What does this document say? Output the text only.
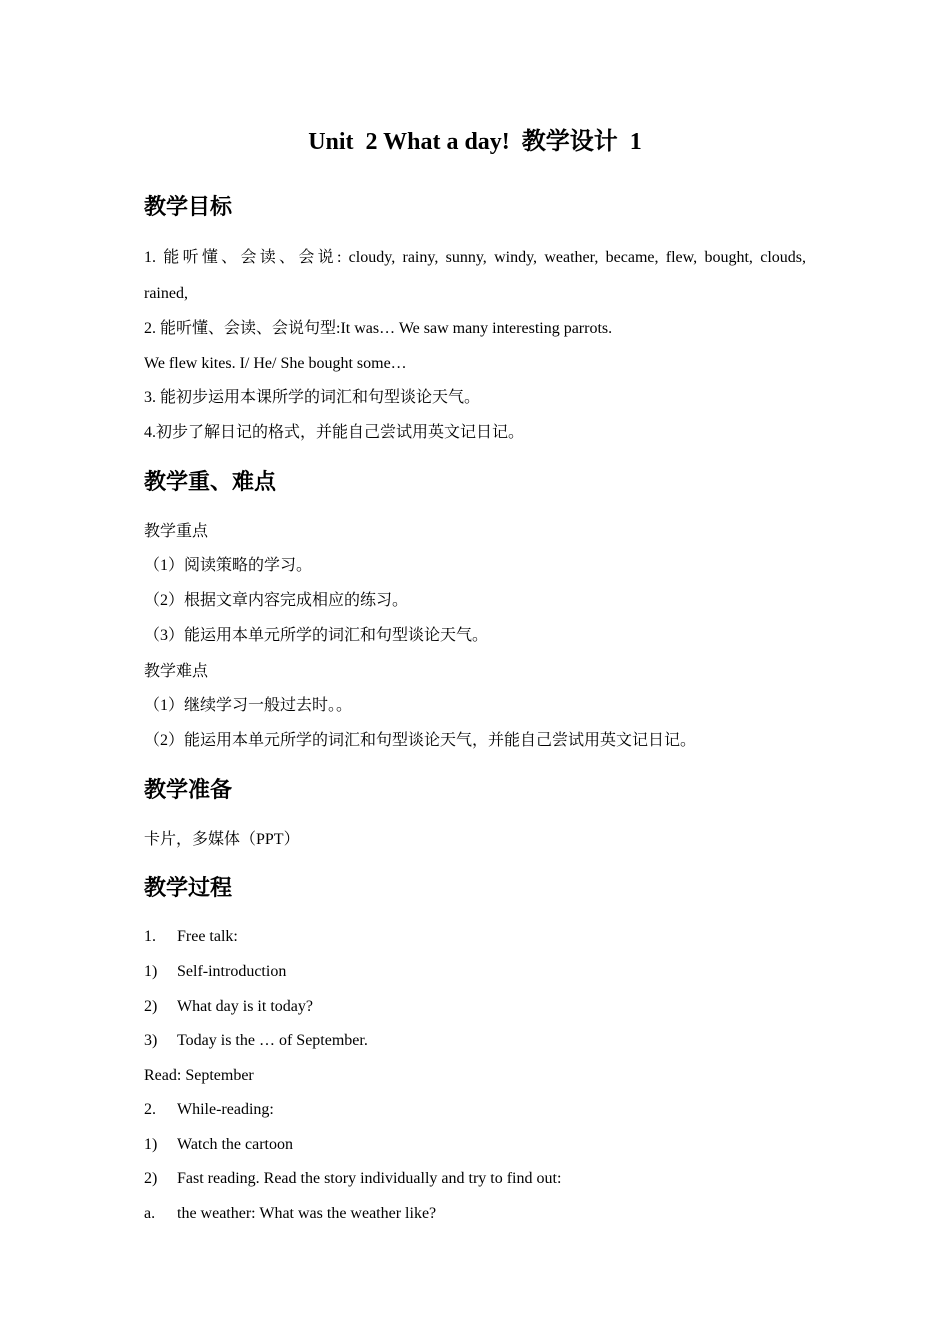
Unit  2 What a day!  教学设计  1
教学目标
1. 能听懂、会读、会说: cloudy, rainy, sunny, windy, weather, became, flew, bought, clouds,
rained,
2. 能听懂、会读、会说句型:It was… We saw many interesting parrots.
We flew kites. I/ He/ She bought some…
3. 能初步运用本课所学的词汇和句型谈论天气。
4.初步了解日记的格式，并能自己尝试用英文记日记。
教学重、难点
教学重点
（1）阅读策略的学习。
（2）根据文章内容完成相应的练习。
（3）能运用本单元所学的词汇和句型谈论天气。
教学难点
（1）继续学习一般过去时。。
（2）能运用本单元所学的词汇和句型谈论天气，并能自己尝试用英文记日记。
教学准备
卡片，多媒体（PPT）
教学过程
1. Free talk:
1) Self-introduction
2) What day is it today?
3) Today is the … of September.
Read: September
2. While-reading:
1) Watch the cartoon
2) Fast reading. Read the story individually and try to find out:
a. the weather: What was the weather like?
